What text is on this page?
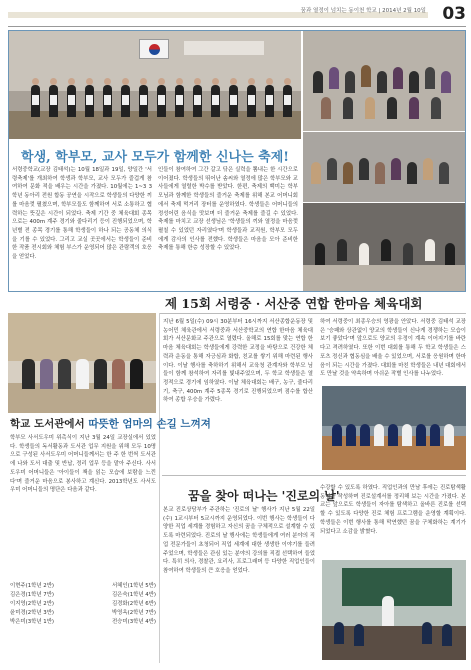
꿈과 열정이 넘치는 동이천 학교 | 2014년 2월 10일 03
학생, 학부모, 교사 모두가 함께한 신나는 축제!
서령중학교(교장 김태석)는 10월 18일과 19일, 양일간 '서령축제'를 개최하여 학생과 학부모, 교사 모두가 즐겁게 참여하여 문화 적을 배우는 시간을 가졌다. 10월에는 1~3 3학년 동아리 전원 합동 공연을 시작으로 학생들의 다양한 끼를 마음껏 펼쳤으며, 학부모들도 함께하여 서로 소통하고 협력하는 뜻깊은 시간이 되었다. 축제 기간 중 체육대회 종목으로는 400m 계주 경기와 줄다리기 등이 진행되었으며, 학년별 전 종목 경기를 통해 학생들이 하나 되는 공동체 의식을 기를 수 있었다. 그리고 교실 곳곳에서는 학생들이 준비한 작품 전시회와 체험 부스가 운영되어 많은 관람객의 호응을 얻었다.
인들이 참여하여 그간 갈고 닦은 실력을 뽐내는 한 시간으로 이어졌다. 학생들의 뛰어난 솜씨와 열정에 많은 학부모와 교사들에게 열렬한 박수를 받았다. 한편, 축제의 백미는 학부모님과 함께한 학생들의 즐거운 축제를 위해 본교 어머니회에서 축제 먹거리 장터를 운영하였다. 학생들은 어머니들의 정성어린 음식을 맛보며 더 즐거운 축제를 즐길 수 있었다. 축제를 마치고 교장 선생님은 '학생들의 끼와 열정을 마음껏 펼칠 수 있었던 자리였다'며 학생들과 교직원, 학부모 모두에게 감사의 인사를 전했다. 학생들은 마음을 모아 준비한 축제를 통해 한층 성장할 수 있었다.
제 15회 서령중 · 서산중 연합 한마음 체육대회
지난 6월 5일(수) 09시 30분부터 16시까지 서산종합운동장 및 농어민 체육관에서 서령중과 서산중학교의 연합 한마음 체육대회가 서산문화교 주관으로 열렸다. 올해로 15회를 맞는 연합 한마음 체육대회는 학생들에게 강력한 교정을 바탕으로 건강한 체력과 운동을 통해 자긍심과 화합, 친교를 쌓기 위해 마련된 행사이다. 이날 행사를 축하하기 위해서 교육청 관계자와 학부모 님들이 함께 참석하여 자리를 빛내주었으며, 두 학교 학생들은 열정적으로 경기에 임하였다. 이날 체육대회는 배구, 농구, 줄다리기, 축구, 400m 계주 5종목 경기로 진행되었으며 점수를 합산하여 종합 우승을 가렸다.
하여 서령중이 최종우승의 영광을 안았다. 서령중 김태석 교장은 '승패와 상관없이 양교의 학생들이 신나게 경쟁하는 모습이 보기 좋았다'며 앞으로도 양교의 우정이 계속 이어지기를 바란다고 격려하였다. 또한 이번 대회를 통해 두 학교 학생들은 스포츠 정신과 협동심을 배울 수 있었으며, 서로를 응원하며 한마음이 되는 시간을 가졌다. 대회를 마친 학생들은 내년 대회에서도 만날 것을 약속하며 아쉬운 작별 인사를 나누었다.
학교 도서관에서 따뜻한 엄마의 손길 느껴져
학부모 사서도우미 위촉식이 지난 3월 24일 교장실에서 있었다. 학생들의 독서활동과 도서관 업무 지원을 위해 모두 10명으로 구성된 사서도우미 어머니들께서는 한 주 한 번씩 도서관에 나와 도서 대출 및 반납, 정리 업무 등을 맡아 주신다. 사서도우미 어머니들은 '아이들이 책을 읽는 모습에 보람을 느낀다'며 즐거운 마음으로 봉사하고 계신다. 2013학년도 사서도우미 어머니들의 명단은 다음과 같다.
이현주(1학년 2반)	서혜인(1학년 5반)
김은경(1학년 7반)	김은숙(1학년 4반)
이지영(2학년 2반)	김경화(2학년 6반)
윤미경(2학년 3반)	박영옥(2학년 7반)
박은미(3학년 1반)	전승미(3학년 4반)
꿈을 찾아 떠나는 '진로의 날'
본교 진로상담부가 주관하는 '진로의 날' 행사가 지난 5월 22일(수) 1교시부터 5교시까지 운영되었다. 이번 행사는 학생들이 다양한 직업 세계를 경험하고 자신의 꿈을 구체적으로 설계할 수 있도록 마련되었다. 진로의 날 행사에는 학생들에게 여러 분야의 직업 전문가들이 초청되어 직업 세계에 대한 생생한 이야기를 들려주었으며, 학생들은 관심 있는 분야의 강의를 직접 선택하여 들었다. 특히 의사, 경찰관, 요리사, 프로그래머 등 다양한 직업인들이 참여하여 학생들의 큰 호응을 얻었다.
수강할 수 있도록 하였다. 직업인과의 만남 후에는 진로탐색활동지를 작성하며 진로설계서를 정리해 보는 시간을 가졌다. 본교는 앞으로도 학생들이 자아를 탐색하고 올바른 진로를 선택할 수 있도록 다양한 진로 체험 프로그램을 운영할 계획이다. 학생들은 이번 행사를 통해 막연했던 꿈을 구체화하는 계기가 되었다고 소감을 밝혔다.
